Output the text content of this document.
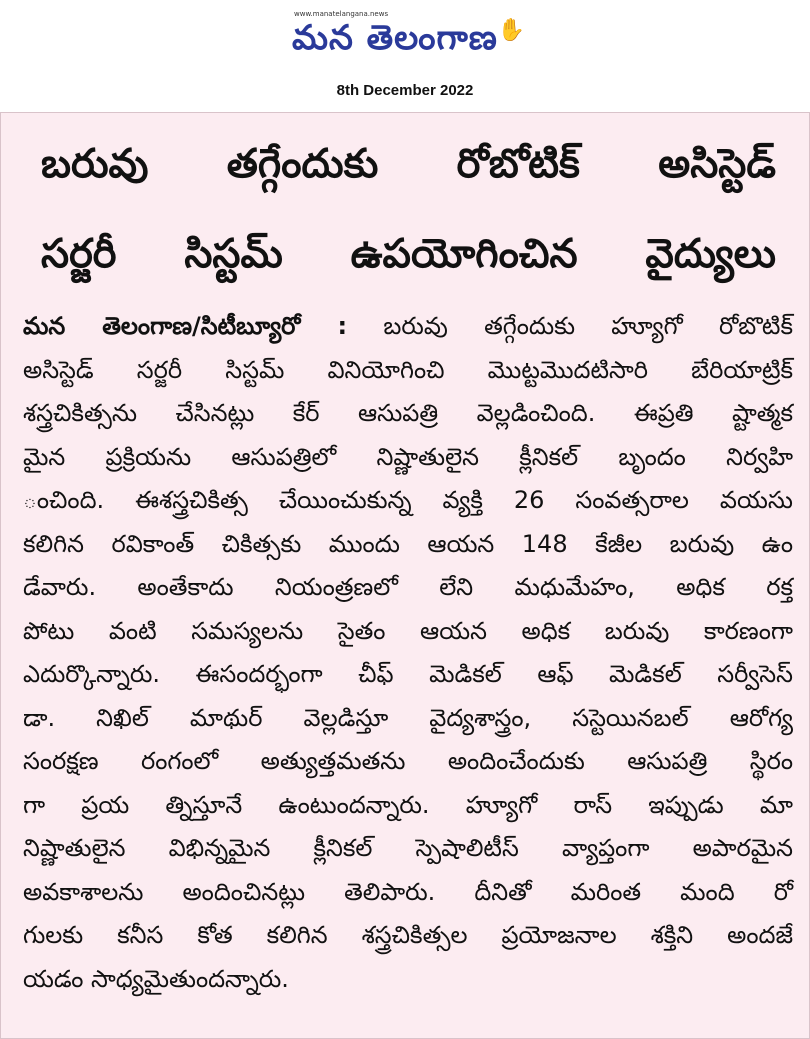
www.manatelangana.news
మన తెలంగాణ✋
8th December 2022
బరువు తగ్గేందుకు రోబోటిక్ అసిస్టెడ్
సర్జరీ సిస్టమ్ ఉపయోగించిన వైద్యులు
మన తెలంగాణ/సిటీబ్యూరో : బరువు తగ్గేందుకు హ్యూగో రోబొటిక్
అసిస్టెడ్ సర్జరీ సిస్టమ్ వినియోగించి మొట్టమొదటిసారి బేరియాట్రిక్
శస్త్రచికిత్సను చేసినట్లు కేర్ ఆసుపత్రి వెల్లడించింది. ఈప్రతి ష్టాత్మక
మైన ప్రక్రియను ఆసుపత్రిలో నిష్ణాతులైన క్లీనికల్ బృందం నిర్వహి
ంచింది. ఈశస్త్రచికిత్స చేయించుకున్న వ్యక్తి 26 సంవత్సరాల వయసు
కలిగిన రవికాంత్ చికిత్సకు ముందు ఆయన 148 కేజీల బరువు ఉం
డేవారు. అంతేకాదు నియంత్రణలో లేని మధుమేహం, అధిక రక్త
పోటు వంటి సమస్యలను సైతం ఆయన అధిక బరువు కారణంగా
ఎదుర్కొన్నారు. ఈసందర్భంగా చీఫ్ మెడికల్ ఆఫ్ మెడికల్ సర్వీసెస్
డా. నిఖిల్ మాథుర్ వెల్లడిస్తూ వైద్యశాస్త్రం, సస్టెయినబల్ ఆరోగ్య
సంరక్షణ రంగంలో అత్యుత్తమతను అందించేందుకు ఆసుపత్రి స్థిరం
గా ప్రయ త్నిస్తూనే ఉంటుందన్నారు. హ్యూగో రాస్ ఇప్పుడు మా
నిష్ణాతులైన విభిన్నమైన క్లీనికల్ స్పెషాలిటీస్ వ్యాప్తంగా అపారమైన
అవకాశాలను అందించినట్లు తెలిపారు. దీనితో మరింత మంది రో
గులకు కనీస కోత కలిగిన శస్త్రచికిత్సల ప్రయోజనాల శక్తిని అందజే
యడం సాధ్యమైతుందన్నారు.
